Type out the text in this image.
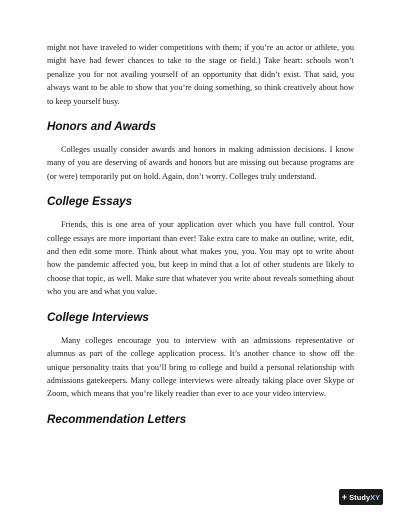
might not have traveled to wider competitions with them; if you’re an actor or athlete, you might have had fewer chances to take to the stage or field.) Take heart: schools won’t penalize you for not availing yourself of an opportunity that didn’t exist. That said, you always want to be able to show that you’re doing something, so think creatively about how to keep yourself busy.

Honors and Awards

Colleges usually consider awards and honors in making admission decisions. I know many of you are deserving of awards and honors but are missing out because programs are (or were) temporarily put on hold. Again, don’t worry. Colleges truly understand.

College Essays

Friends, this is one area of your application over which you have full control. Your college essays are more important than ever! Take extra care to make an outline, write, edit, and then edit some more. Think about what makes you, you. You may opt to write about how the pandemic affected you, but keep in mind that a lot of other students are likely to choose that topic, as well. Make sure that whatever you write about reveals something about who you are and what you value.

College Interviews

Many colleges encourage you to interview with an admissions representative or alumnus as part of the college application process. It’s another chance to show off the unique personality traits that you’ll bring to college and build a personal relationship with admissions gatekeepers. Many college interviews were already taking place over Skype or Zoom, which means that you’re likely readier than ever to ace your video interview.

Recommendation Letters
+ Study XY
